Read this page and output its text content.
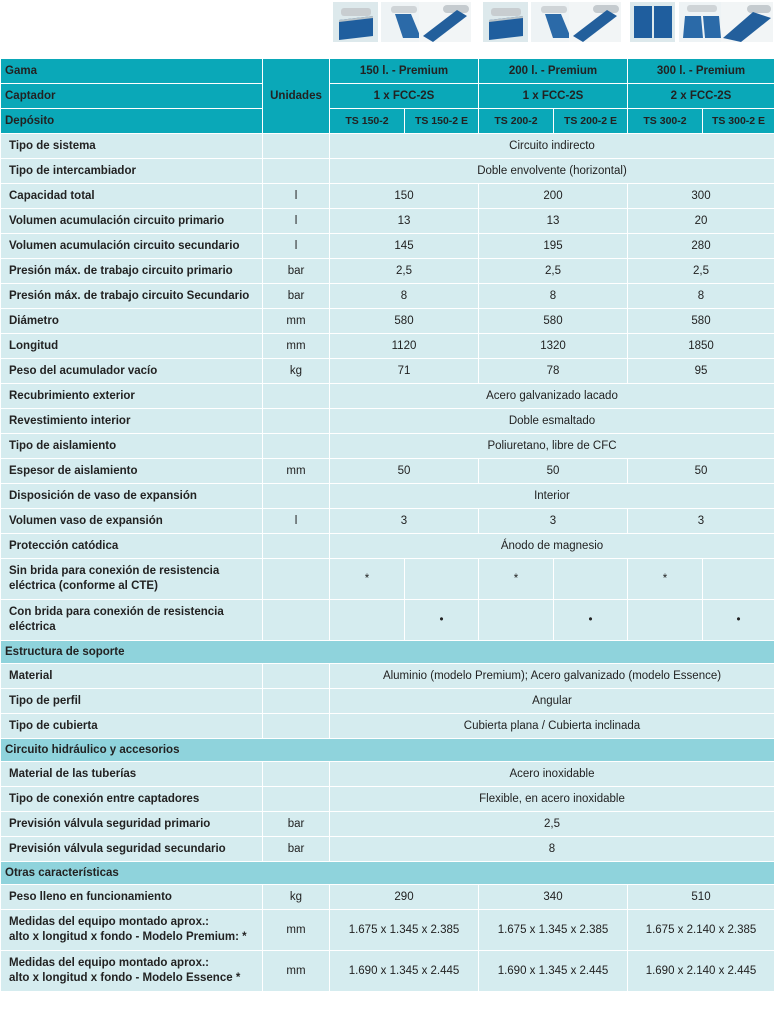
Gama	Unidades	150 l. - Premium		200 l. - Premium		300 l. - Premium	
Captador		1 x FCC-2S		1 x FCC-2S		2 x FCC-2S	
Depósito		TS 150-2	TS 150-2 E	TS 200-2	TS 200-2 E	TS 300-2	TS 300-2 E
Tipo de sistema		Circuito indirecto					
Tipo de intercambiador		Doble envolvente (horizontal)					
Capacidad total	l	150		200		300	
Volumen acumulación circuito primario	l	13		13		20	
Volumen acumulación circuito secundario	l	145		195		280	
Presión máx. de trabajo circuito primario	bar	2,5		2,5		2,5	
Presión máx. de trabajo circuito Secundario	bar	8		8		8	
Diámetro	mm	580		580		580	
Longitud	mm	1120		1320		1850	
Peso del acumulador vacío	kg	71		78		95	
Recubrimiento exterior		Acero galvanizado lacado					
Revestimiento interior		Doble esmaltado					
Tipo de aislamiento		Poliuretano, libre de CFC					
Espesor de aislamiento	mm	50		50		50	
Disposición de vaso de expansión		Interior					
Volumen vaso de expansión	l	3		3		3	
Protección catódica		Ánodo de magnesio					
Sin brida para conexión de resistencia
eléctrica (conforme al CTE)		*		*		*	
Con brida para conexión de resistencia
eléctrica			•		•		•
Estructura de soporte							
Material		Aluminio (modelo Premium); Acero galvanizado (modelo Essence)					
Tipo de perfil		Angular					
Tipo de cubierta		Cubierta plana / Cubierta inclinada					
Circuito hidráulico y accesorios							
Material de las tuberías		Acero inoxidable					
Tipo de conexión entre captadores		Flexible, en acero inoxidable					
Previsión válvula seguridad primario	bar	2,5					
Previsión válvula seguridad secundario	bar	8					
Otras características							
Peso lleno en funcionamiento	kg	290		340		510	
Medidas del equipo montado aprox.:
alto x longitud x fondo - Modelo Premium: *	mm	1.675 x 1.345 x 2.385		1.675 x 1.345 x 2.385		1.675 x 2.140 x 2.385	
Medidas del equipo montado aprox.:
alto x longitud x fondo - Modelo Essence *	mm	1.690 x 1.345 x 2.445		1.690 x 1.345 x 2.445		1.690 x 2.140 x 2.445	
